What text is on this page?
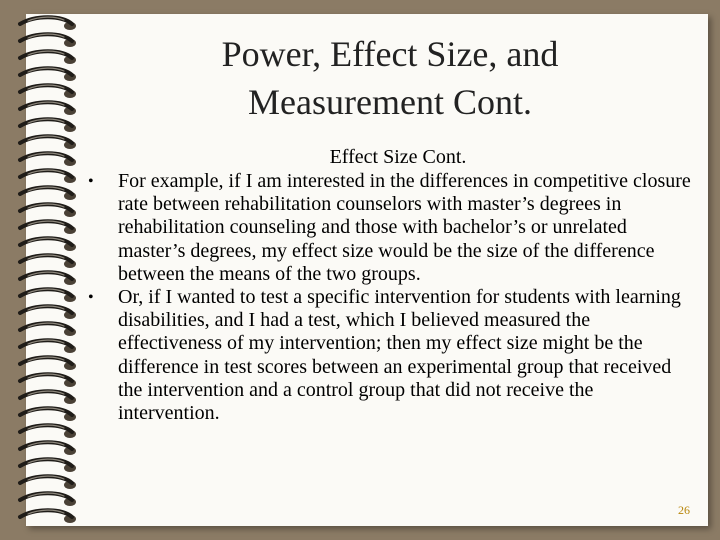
Power, Effect Size, and Measurement Cont.

Effect Size Cont.

• For example, if I am interested in the differences in competitive closure rate between rehabilitation counselors with master’s degrees in rehabilitation counseling and those with bachelor’s or unrelated master’s degrees, my effect size would be the size of the difference between the means of the two groups.
• Or, if I wanted to test a specific intervention for students with learning disabilities, and I had a test, which I believed measured the effectiveness of my intervention; then my effect size might be the difference in test scores between an experimental group that received the intervention and a control group that did not receive the intervention.
26
